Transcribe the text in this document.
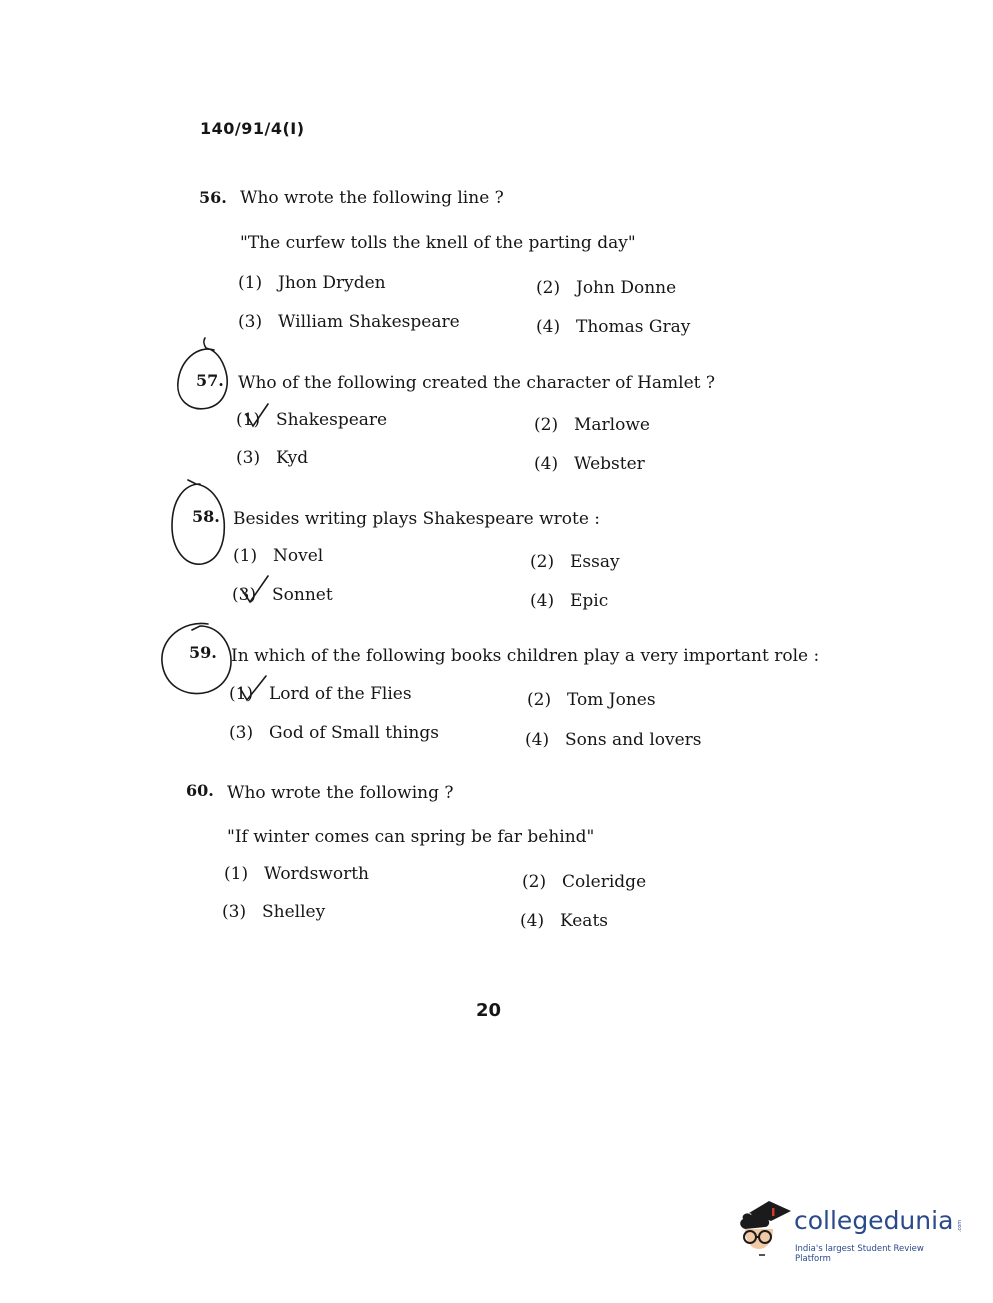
140/91/4(I)
56. Who wrote the following line ?
"The curfew tolls the knell of the parting day"
(1) Jhon Dryden	(2) John Donne
(3) William Shakespeare	(4) Thomas Gray
57. Who of the following created the character of Hamlet ?
(1) Shakespeare	(2) Marlowe
(3) Kyd	(4) Webster
58. Besides writing plays Shakespeare wrote :
(1) Novel	(2) Essay
(3) Sonnet	(4) Epic
59. In which of the following books children play a very important role :
(1) Lord of the Flies	(2) Tom Jones
(3) God of Small things	(4) Sons and lovers
60. Who wrote the following ?
"If winter comes can spring be far behind"
(1) Wordsworth	(2) Coleridge
(3) Shelley	(4) Keats
20
collegedunia .com
India's largest Student Review Platform
